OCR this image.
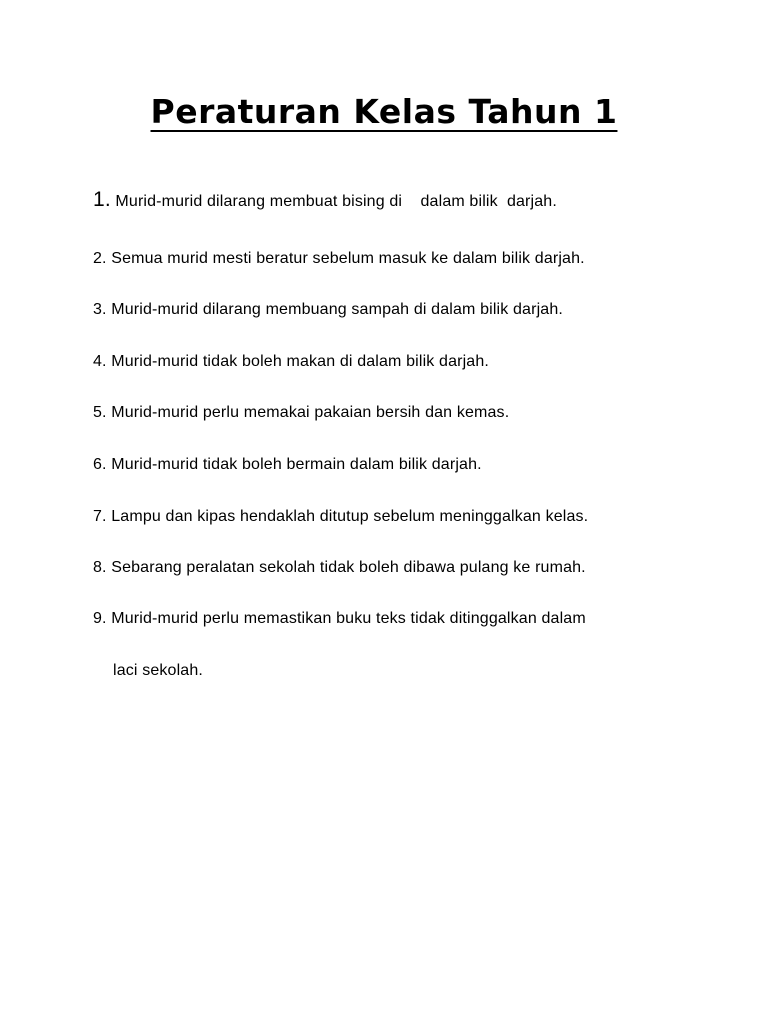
Peraturan Kelas Tahun 1
1. Murid-murid dilarang membuat bising di    dalam bilik  darjah.
2. Semua murid mesti beratur sebelum masuk ke dalam bilik darjah.
3. Murid-murid dilarang membuang sampah di dalam bilik darjah.
4. Murid-murid tidak boleh makan di dalam bilik darjah.
5. Murid-murid perlu memakai pakaian bersih dan kemas.
6. Murid-murid tidak boleh bermain dalam bilik darjah.
7. Lampu dan kipas hendaklah ditutup sebelum meninggalkan kelas.
8. Sebarang peralatan sekolah tidak boleh dibawa pulang ke rumah.
9. Murid-murid perlu memastikan buku teks tidak ditinggalkan dalam
laci sekolah.
